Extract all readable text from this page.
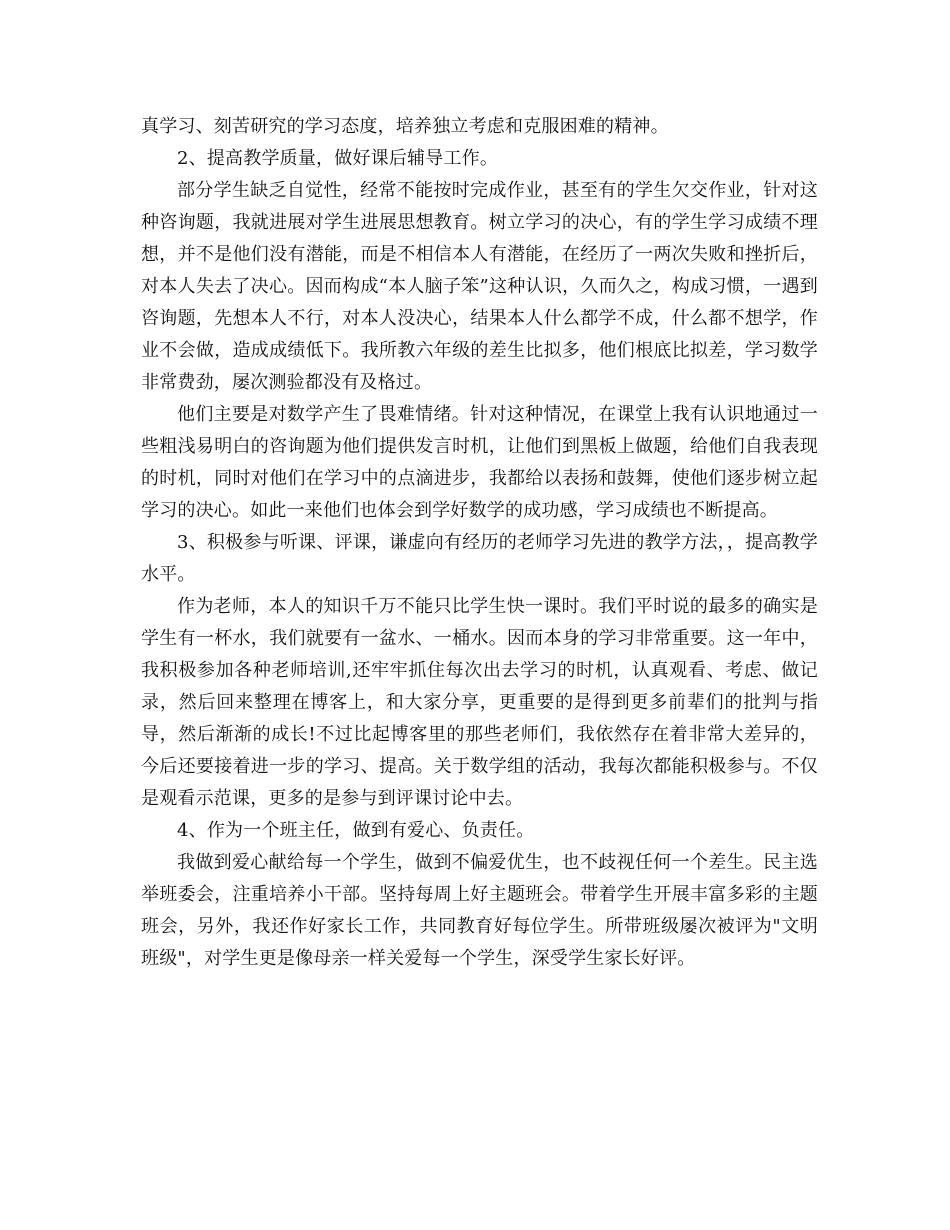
真学习、刻苦研究的学习态度，培养独立考虑和克服困难的精神。

2、提高教学质量，做好课后辅导工作。

部分学生缺乏自觉性，经常不能按时完成作业，甚至有的学生欠交作业，针对这种咨询题，我就进展对学生进展思想教育。树立学习的决心，有的学生学习成绩不理想，并不是他们没有潜能，而是不相信本人有潜能，在经历了一两次失败和挫折后，对本人失去了决心。因而构成“本人脑子笨”这种认识，久而久之，构成习惯，一遇到咨询题，先想本人不行，对本人没决心，结果本人什么都学不成，什么都不想学，作业不会做，造成成绩低下。我所教六年级的差生比拟多，他们根底比拟差，学习数学非常费劲，屡次测验都没有及格过。

他们主要是对数学产生了畏难情绪。针对这种情况，在课堂上我有认识地通过一些粗浅易明白的咨询题为他们提供发言时机，让他们到黑板上做题，给他们自我表现的时机，同时对他们在学习中的点滴进步，我都给以表扬和鼓舞，使他们逐步树立起学习的决心。如此一来他们也体会到学好数学的成功感，学习成绩也不断提高。

3、积极参与听课、评课，谦虚向有经历的老师学习先进的教学方法，，提高教学水平。

作为老师，本人的知识千万不能只比学生快一课时。我们平时说的最多的确实是学生有一杯水，我们就要有一盆水、一桶水。因而本身的学习非常重要。这一年中，我积极参加各种老师培训,还牢牢抓住每次出去学习的时机，认真观看、考虑、做记录，然后回来整理在博客上，和大家分享，更重要的是得到更多前辈们的批判与指导，然后渐渐的成长!不过比起博客里的那些老师们，我依然存在着非常大差异的，今后还要接着进一步的学习、提高。关于数学组的活动，我每次都能积极参与。不仅是观看示范课，更多的是参与到评课讨论中去。

4、作为一个班主任，做到有爱心、负责任。

我做到爱心献给每一个学生，做到不偏爱优生，也不歧视任何一个差生。民主选举班委会，注重培养小干部。坚持每周上好主题班会。带着学生开展丰富多彩的主题班会，另外，我还作好家长工作，共同教育好每位学生。所带班级屡次被评为"文明班级"，对学生更是像母亲一样关爱每一个学生，深受学生家长好评。
